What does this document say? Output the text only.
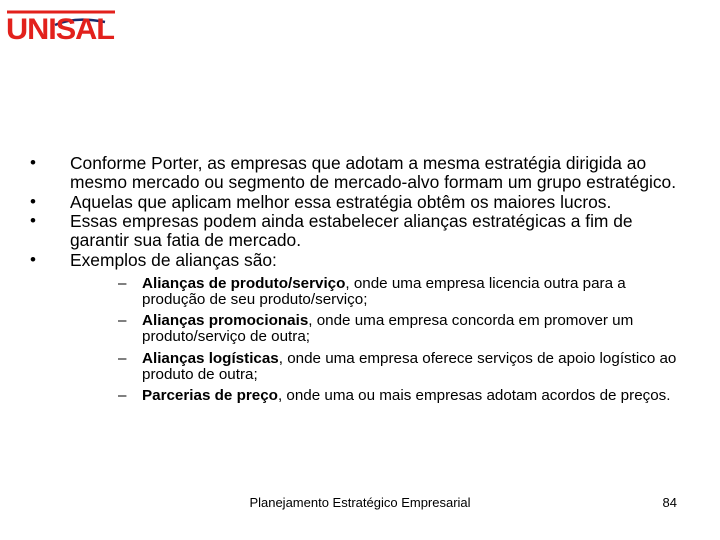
UNISAL
• Conforme Porter, as empresas que adotam a mesma estratégia dirigida ao mesmo mercado ou segmento de mercado-alvo formam um grupo estratégico.
• Aquelas que aplicam melhor essa estratégia obtêm os maiores lucros.
• Essas empresas podem ainda estabelecer alianças estratégicas a fim de garantir sua fatia de mercado.
• Exemplos de alianças são:
– Alianças de produto/serviço, onde uma empresa licencia outra para a produção de seu produto/serviço;
– Alianças promocionais, onde uma empresa concorda em promover um produto/serviço de outra;
– Alianças logísticas, onde uma empresa oferece serviços de apoio logístico ao produto de outra;
– Parcerias de preço, onde uma ou mais empresas adotam acordos de preços.
Planejamento Estratégico Empresarial	84
